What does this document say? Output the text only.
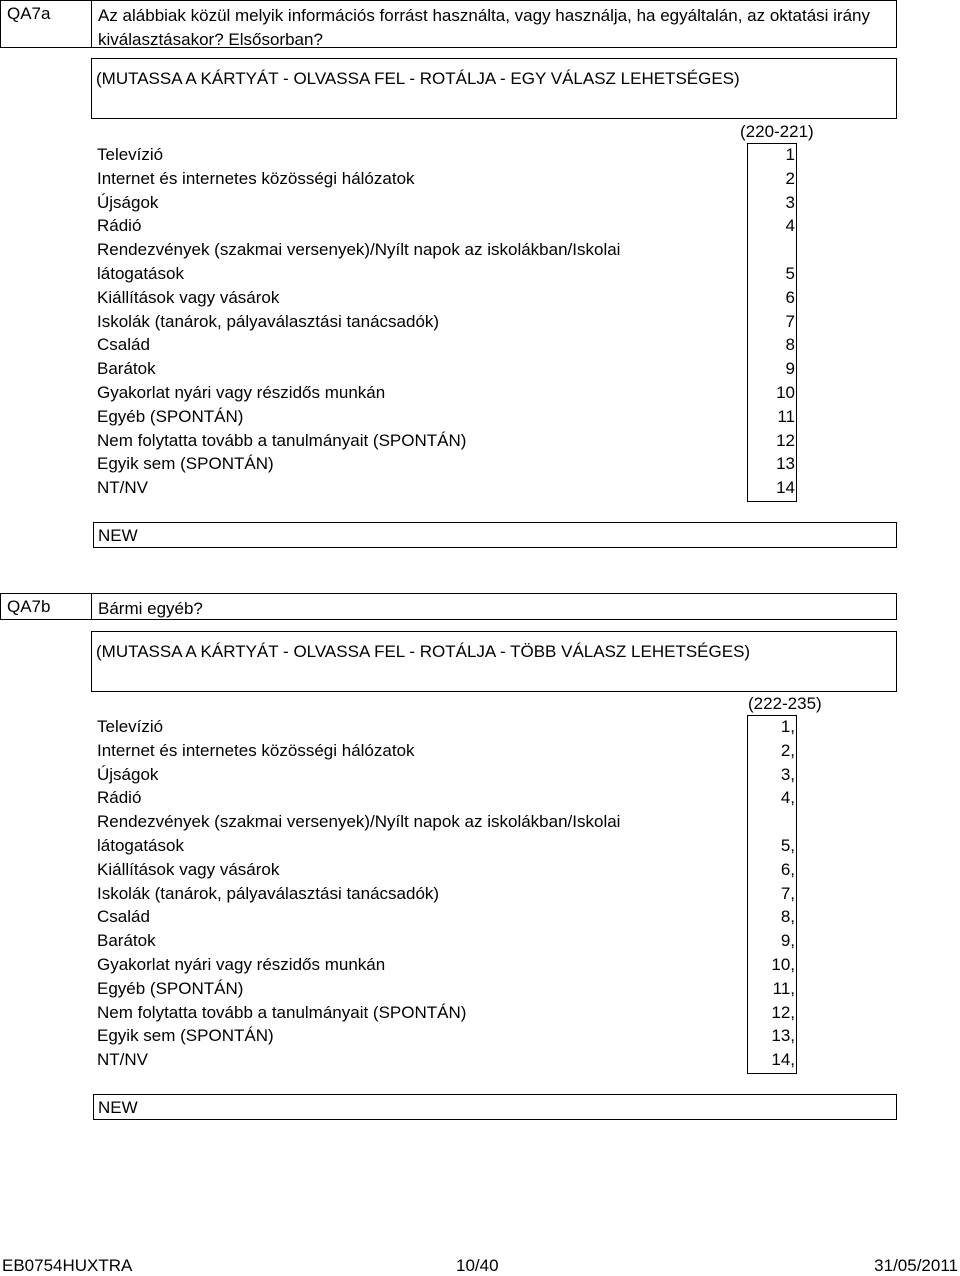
QA7a	Az alábbiak közül melyik információs forrást használta, vagy használja, ha egyáltalán, az oktatási irány kiválasztásakor? Elsősorban?
(MUTASSA A KÁRTYÁT - OLVASSA FEL - ROTÁLJA - EGY VÁLASZ LEHETSÉGES)
(220-221)
Televízió	1
Internet és internetes közösségi hálózatok	2
Újságok	3
Rádió	4
Rendezvények (szakmai versenyek)/Nyílt napok az iskolákban/Iskolai
látogatások	5
Kiállítások vagy vásárok	6
Iskolák (tanárok, pályaválasztási tanácsadók)	7
Család	8
Barátok	9
Gyakorlat nyári vagy részidős munkán	10
Egyéb (SPONTÁN)	11
Nem folytatta tovább a tanulmányait (SPONTÁN)	12
Egyik sem (SPONTÁN)	13
NT/NV	14
NEW
QA7b	Bármi egyéb?
(MUTASSA A KÁRTYÁT - OLVASSA FEL - ROTÁLJA - TÖBB VÁLASZ LEHETSÉGES)
(222-235)
Televízió	1,
Internet és internetes közösségi hálózatok	2,
Újságok	3,
Rádió	4,
Rendezvények (szakmai versenyek)/Nyílt napok az iskolákban/Iskolai
látogatások	5,
Kiállítások vagy vásárok	6,
Iskolák (tanárok, pályaválasztási tanácsadók)	7,
Család	8,
Barátok	9,
Gyakorlat nyári vagy részidős munkán	10,
Egyéb (SPONTÁN)	11,
Nem folytatta tovább a tanulmányait (SPONTÁN)	12,
Egyik sem (SPONTÁN)	13,
NT/NV	14,
NEW
EB0754HUXTRA	10/40	31/05/2011
